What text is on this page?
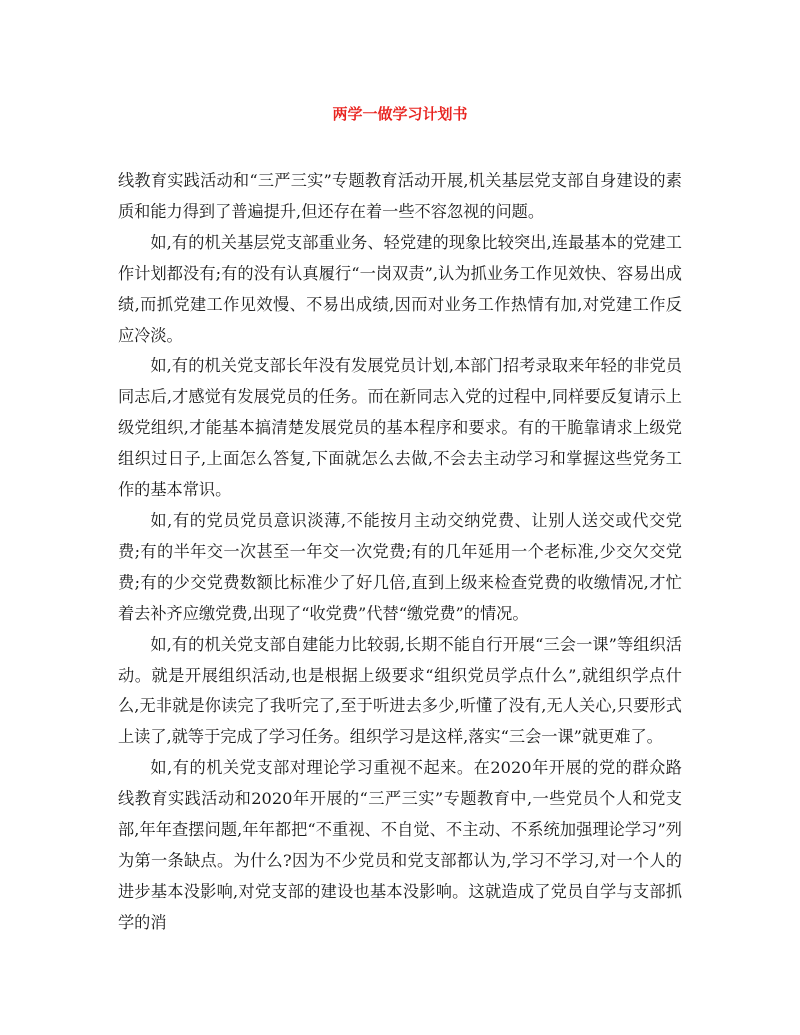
两学一做学习计划书

线教育实践活动和“三严三实”专题教育活动开展,机关基层党支部自身建设的素质和能力得到了普遍提升,但还存在着一些不容忽视的问题。

如,有的机关基层党支部重业务、轻党建的现象比较突出,连最基本的党建工作计划都没有;有的没有认真履行“一岗双责”,认为抓业务工作见效快、容易出成绩,而抓党建工作见效慢、不易出成绩,因而对业务工作热情有加,对党建工作反应冷淡。

如,有的机关党支部长年没有发展党员计划,本部门招考录取来年轻的非党员同志后,才感觉有发展党员的任务。而在新同志入党的过程中,同样要反复请示上级党组织,才能基本搞清楚发展党员的基本程序和要求。有的干脆靠请求上级党组织过日子,上面怎么答复,下面就怎么去做,不会去主动学习和掌握这些党务工作的基本常识。

如,有的党员党员意识淡薄,不能按月主动交纳党费、让别人送交或代交党费;有的半年交一次甚至一年交一次党费;有的几年延用一个老标准,少交欠交党费;有的少交党费数额比标准少了好几倍,直到上级来检查党费的收缴情况,才忙着去补齐应缴党费,出现了“收党费”代替“缴党费”的情况。

如,有的机关党支部自建能力比较弱,长期不能自行开展“三会一课”等组织活动。就是开展组织活动,也是根据上级要求“组织党员学点什么”,就组织学点什么,无非就是你读完了我听完了,至于听进去多少,听懂了没有,无人关心,只要形式上读了,就等于完成了学习任务。组织学习是这样,落实“三会一课”就更难了。

如,有的机关党支部对理论学习重视不起来。在2020年开展的党的群众路线教育实践活动和2020年开展的“三严三实”专题教育中,一些党员个人和党支部,年年查摆问题,年年都把“不重视、不自觉、不主动、不系统加强理论学习”列为第一条缺点。为什么?因为不少党员和党支部都认为,学习不学习,对一个人的进步基本没影响,对党支部的建设也基本没影响。这就造成了党员自学与支部抓学的消
